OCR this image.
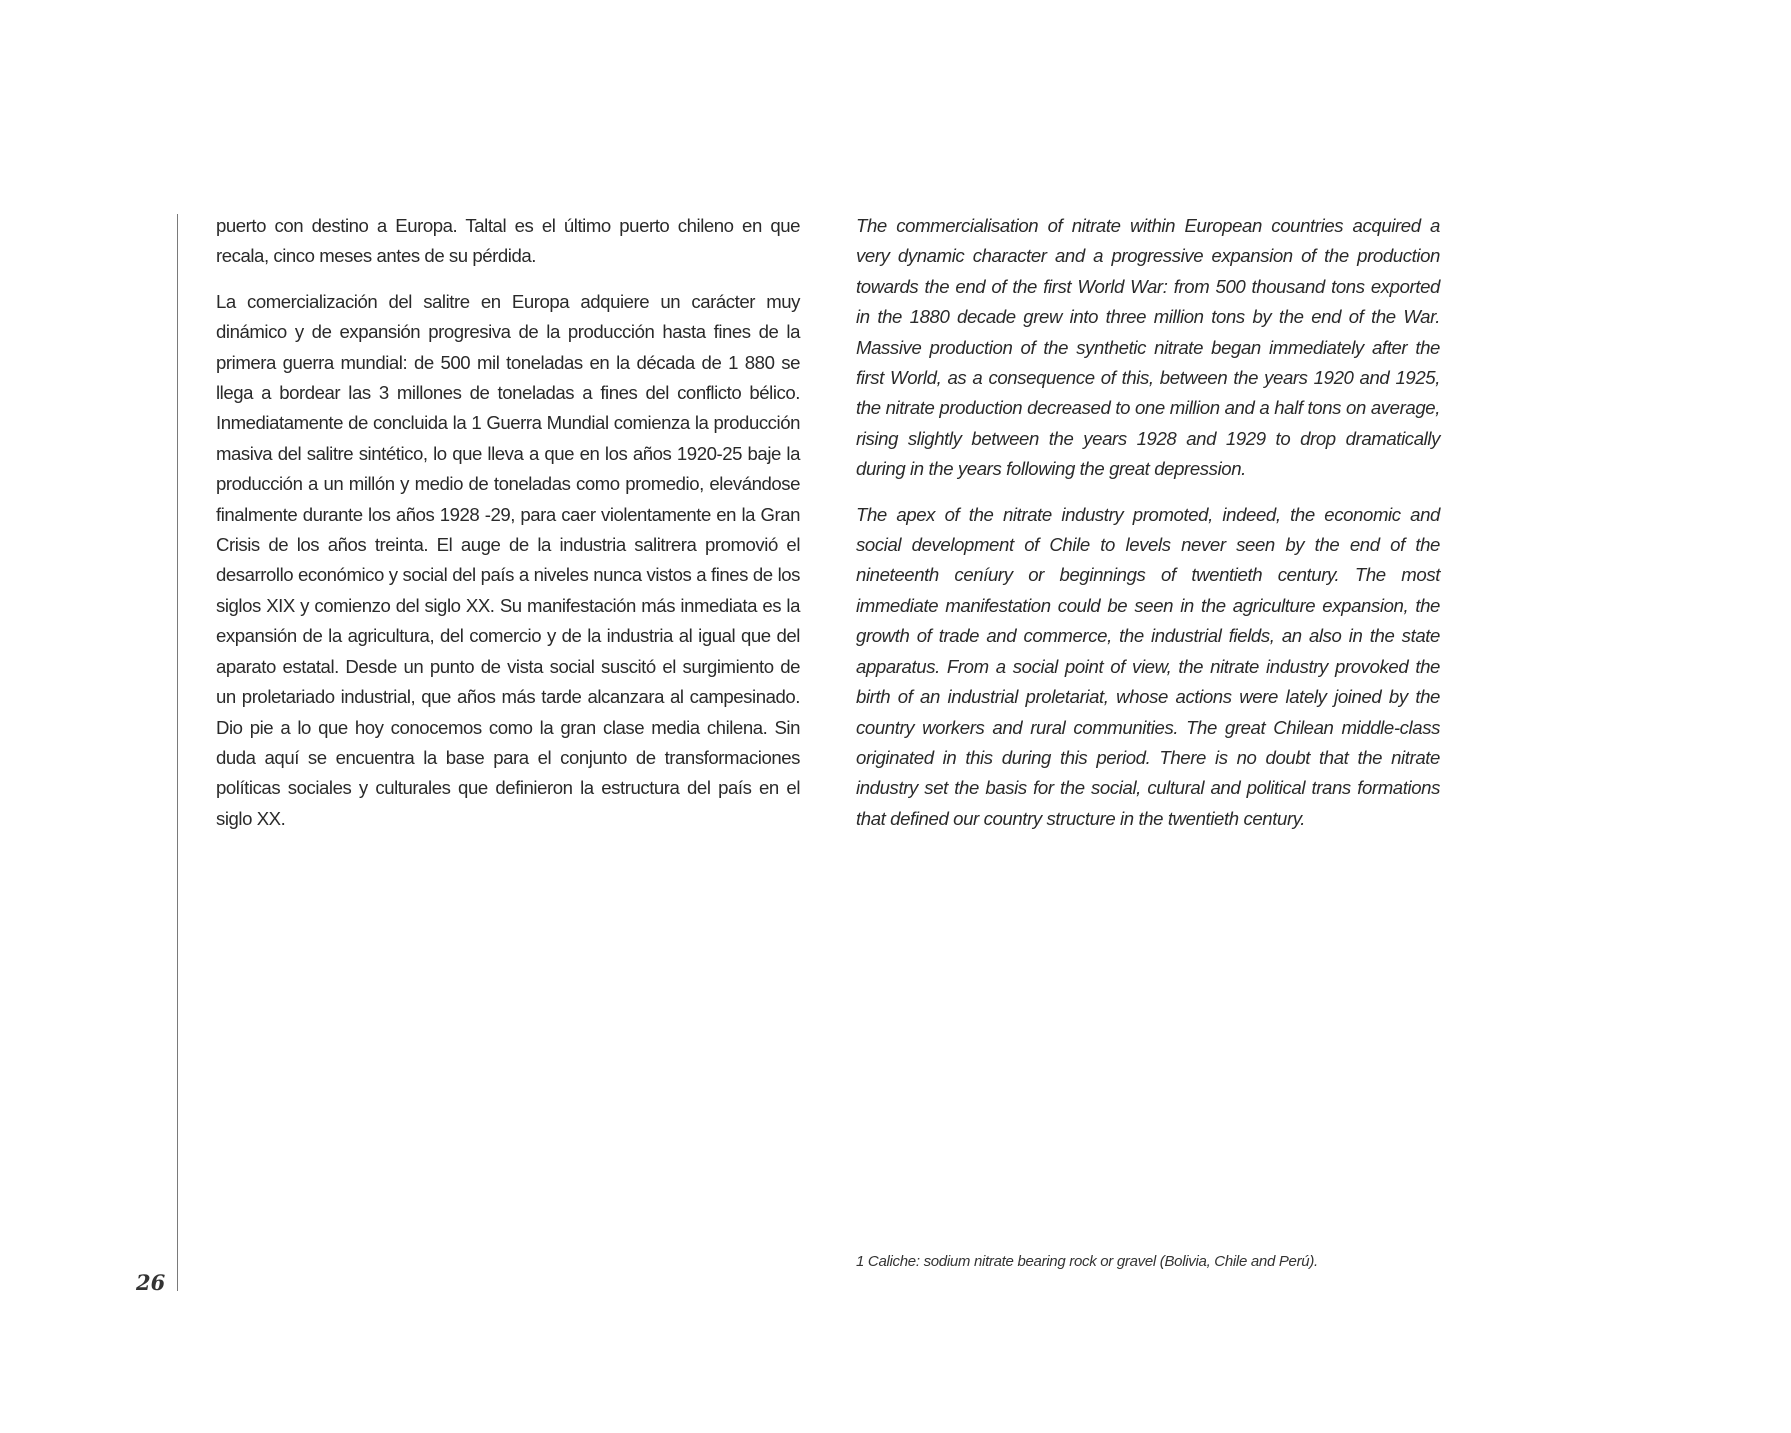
26

puerto con destino a Europa. Taltal es el último puerto chileno en que recala, cinco meses antes de su pérdida.

La comercialización del salitre en Europa adquiere un carácter muy dinámico y de expansión progresiva de la producción hasta fines de la primera guerra mundial: de 500 mil toneladas en la década de 1 880 se llega a bordear las 3 millones de toneladas a fines del conflicto bélico. Inmediatamente de concluida la 1 Guerra Mundial comienza la producción masiva del salitre sintético, lo que lleva a que en los años 1920-25 baje la producción a un millón y medio de toneladas como promedio, elevándose finalmente durante los años 1928 -29, para caer violentamente en la Gran Crisis de los años treinta. El auge de la industria salitrera promovió el desarrollo económico y social del país a niveles nunca vistos a fines de los siglos XIX y comienzo del siglo XX. Su manifestación más inmediata es la expansión de la agricultura, del comercio y de la industria al igual que del aparato estatal. Desde un punto de vista social suscitó el surgimiento de un proletariado industrial, que años más tarde alcanzara al campesinado. Dio pie a lo que hoy conocemos como la gran clase media chilena. Sin duda aquí se encuentra la base para el conjunto de transformaciones políticas sociales y culturales que definieron la estructura del país en el siglo XX.

The commercialisation of nitrate within European countries acquired a very dynamic character and a progressive expansion of the production towards the end of the first World War: from 500 thousand tons exported in the 1880 decade grew into three million tons by the end of the War. Massive production of the synthetic nitrate began immediately after the first World, as a consequence of this, between the years 1920 and 1925, the nitrate production decreased to one million and a half tons on average, rising slightly between the years 1928 and 1929 to drop dramatically during in the years following the great depression.

The apex of the nitrate industry promoted, indeed, the economic and social development of Chile to levels never seen by the end of the nineteenth ceníury or beginnings of twentieth century. The most immediate manifestation could be seen in the agriculture expansion, the growth of trade and commerce, the industrial fields, an also in the state apparatus. From a social point of view, the nitrate industry provoked the birth of an industrial proletariat, whose actions were lately joined by the country workers and rural communities. The great Chilean middle-class originated in this during this period. There is no doubt that the nitrate industry set the basis for the social, cultural and political trans formations that defined our country structure in the twentieth century.

1 Caliche: sodium nitrate bearing rock or gravel (Bolivia, Chile and Perú).
